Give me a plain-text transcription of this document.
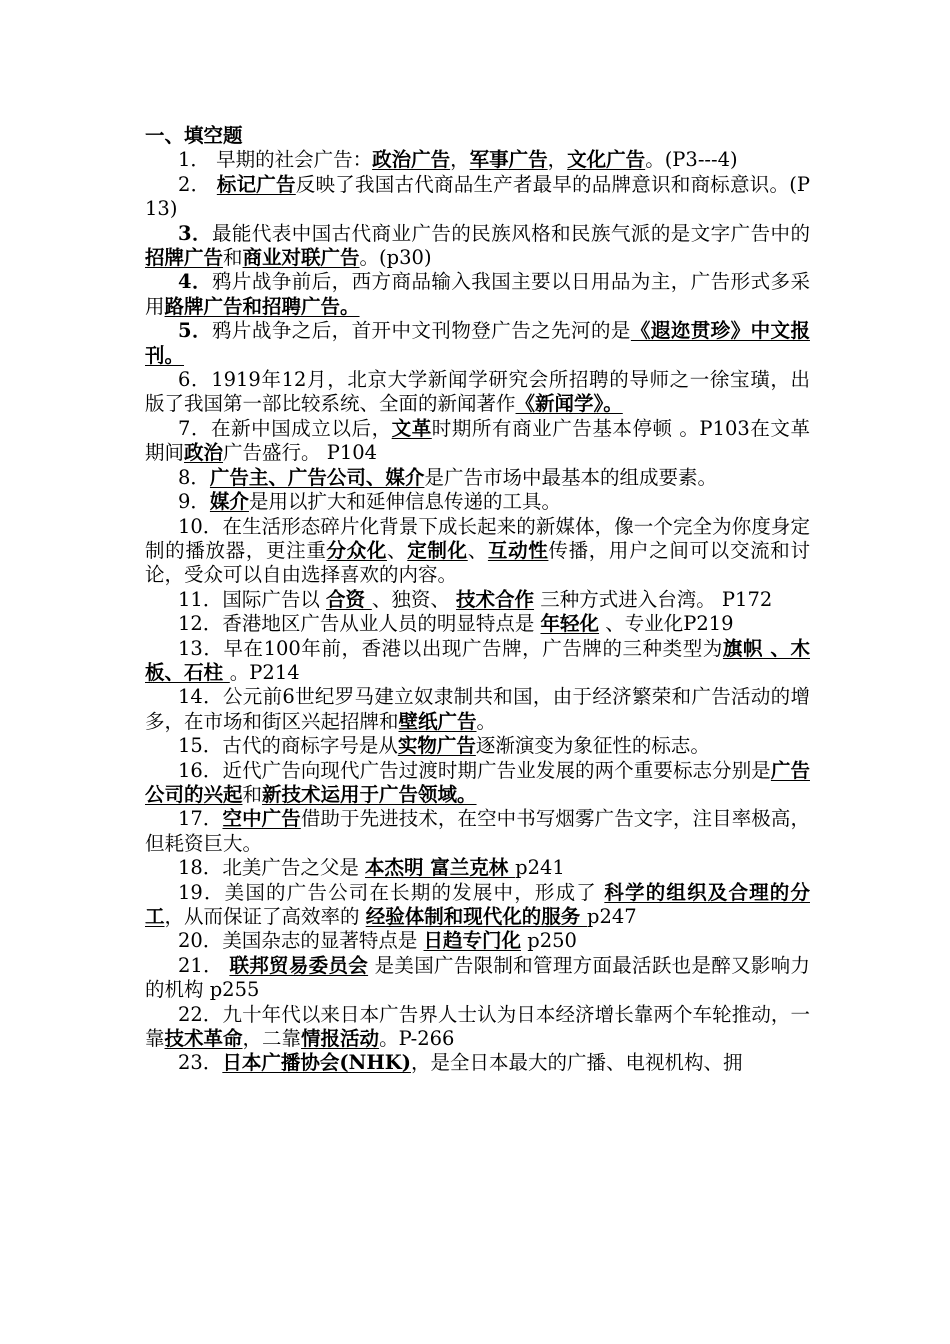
一、填空题

1． 早期的社会广告：政治广告，军事广告，文化广告。(P3---4)

2． 标记广告反映了我国古代商品生产者最早的品牌意识和商标意识。(P13)

3．最能代表中国古代商业广告的民族风格和民族气派的是文字广告中的招牌广告和商业对联广告。(p30)

4．鸦片战争前后，西方商品输入我国主要以日用品为主，广告形式多采用路牌广告和招聘广告。

5．鸦片战争之后，首开中文刊物登广告之先河的是《遐迩贯珍》中文报刊。

6．1919年12月，北京大学新闻学研究会所招聘的导师之一徐宝璜，出版了我国第一部比较系统、全面的新闻著作《新闻学》。

7．在新中国成立以后，文革时期所有商业广告基本停顿 。P103在文革期间政治广告盛行。 P104

8．广告主、广告公司、媒介是广告市场中最基本的组成要素。

9．媒介是用以扩大和延伸信息传递的工具。

10．在生活形态碎片化背景下成长起来的新媒体，像一个完全为你度身定制的播放器，更注重分众化、定制化、互动性传播，用户之间可以交流和讨论，受众可以自由选择喜欢的内容。

11．国际广告以 合资 、独资、 技术合作 三种方式进入台湾。 P172

12．香港地区广告从业人员的明显特点是 年轻化 、专业化P219

13．早在100年前，香港以出现广告牌，广告牌的三种类型为旗帜 、木板、石柱 。P214

14．公元前6世纪罗马建立奴隶制共和国，由于经济繁荣和广告活动的增多，在市场和街区兴起招牌和壁纸广告。

15．古代的商标字号是从实物广告逐渐演变为象征性的标志。

16．近代广告向现代广告过渡时期广告业发展的两个重要标志分别是广告公司的兴起和新技术运用于广告领域。

17．空中广告借助于先进技术，在空中书写烟雾广告文字，注目率极高，但耗资巨大。

18．北美广告之父是 本杰明 富兰克林 p241

19．美国的广告公司在长期的发展中，形成了 科学的组织及合理的分工，从而保证了高效率的 经验体制和现代化的服务 p247

20．美国杂志的显著特点是 日趋专门化 p250

21． 联邦贸易委员会 是美国广告限制和管理方面最活跃也是醉又影响力的机构 p255

22．九十年代以来日本广告界人士认为日本经济增长靠两个车轮推动，一靠技术革命，二靠情报活动。P-266

23．日本广播协会(NHK)，是全日本最大的广播、电视机构、拥
